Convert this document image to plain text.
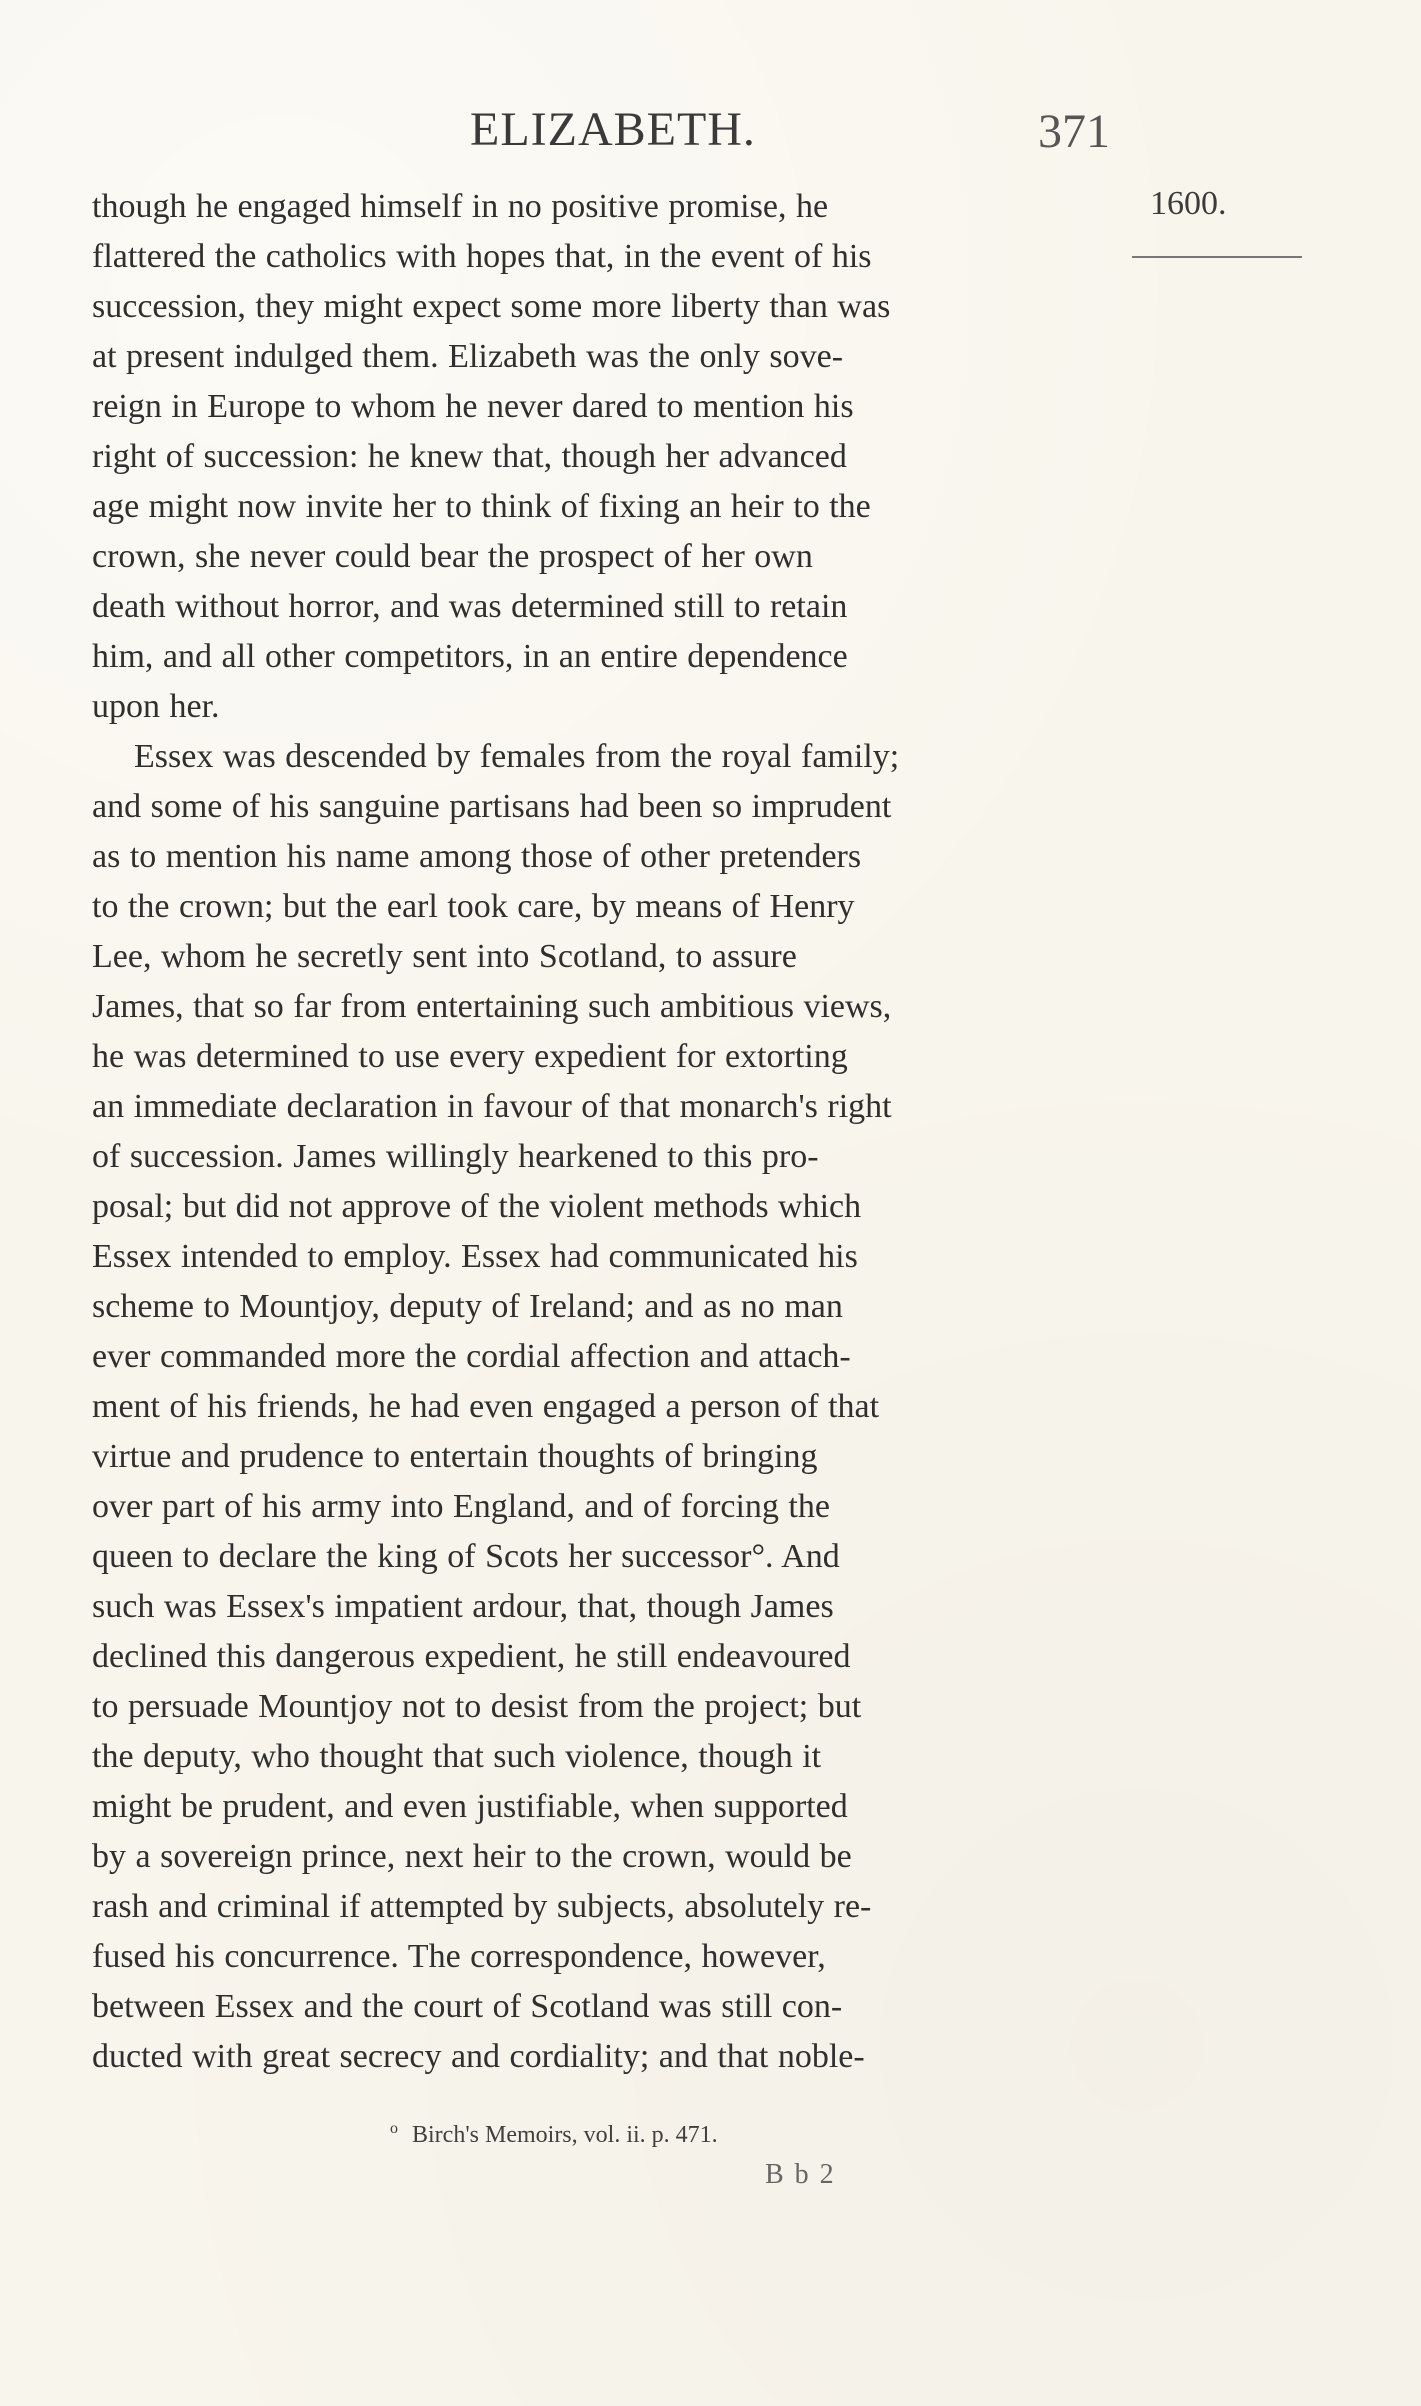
ELIZABETH.	371
1600.
though he engaged himself in no positive promise, he
flattered the catholics with hopes that, in the event of his
succession, they might expect some more liberty than was
at present indulged them. Elizabeth was the only sove-
reign in Europe to whom he never dared to mention his
right of succession: he knew that, though her advanced
age might now invite her to think of fixing an heir to the
crown, she never could bear the prospect of her own
death without horror, and was determined still to retain
him, and all other competitors, in an entire dependence
upon her.
Essex was descended by females from the royal family;
and some of his sanguine partisans had been so imprudent
as to mention his name among those of other pretenders
to the crown; but the earl took care, by means of Henry
Lee, whom he secretly sent into Scotland, to assure
James, that so far from entertaining such ambitious views,
he was determined to use every expedient for extorting
an immediate declaration in favour of that monarch's right
of succession. James willingly hearkened to this pro-
posal; but did not approve of the violent methods which
Essex intended to employ. Essex had communicated his
scheme to Mountjoy, deputy of Ireland; and as no man
ever commanded more the cordial affection and attach-
ment of his friends, he had even engaged a person of that
virtue and prudence to entertain thoughts of bringing
over part of his army into England, and of forcing the
queen to declare the king of Scots her successor°. And
such was Essex's impatient ardour, that, though James
declined this dangerous expedient, he still endeavoured
to persuade Mountjoy not to desist from the project; but
the deputy, who thought that such violence, though it
might be prudent, and even justifiable, when supported
by a sovereign prince, next heir to the crown, would be
rash and criminal if attempted by subjects, absolutely re-
fused his concurrence. The correspondence, however,
between Essex and the court of Scotland was still con-
ducted with great secrecy and cordiality; and that noble-
$^o$ Birch's Memoirs, vol. ii. p. 471.
B b 2
